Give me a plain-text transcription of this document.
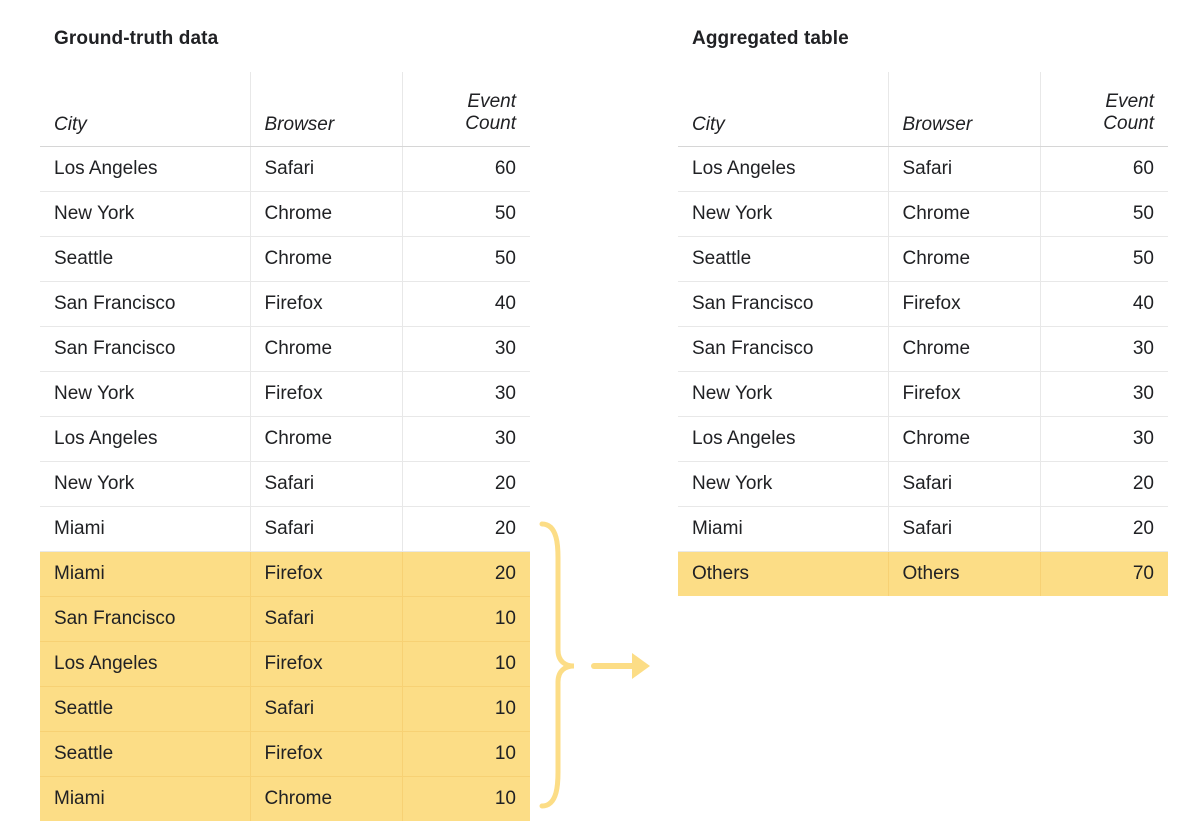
Ground-truth data
City	Browser	Event
Count
Los Angeles	Safari	60
New York	Chrome	50
Seattle	Chrome	50
San Francisco	Firefox	40
San Francisco	Chrome	30
New York	Firefox	30
Los Angeles	Chrome	30
New York	Safari	20
Miami	Safari	20
Miami	Firefox	20
San Francisco	Safari	10
Los Angeles	Firefox	10
Seattle	Safari	10
Seattle	Firefox	10
Miami	Chrome	10
Aggregated table
City	Browser	Event
Count
Los Angeles	Safari	60
New York	Chrome	50
Seattle	Chrome	50
San Francisco	Firefox	40
San Francisco	Chrome	30
New York	Firefox	30
Los Angeles	Chrome	30
New York	Safari	20
Miami	Safari	20
Others	Others	70
